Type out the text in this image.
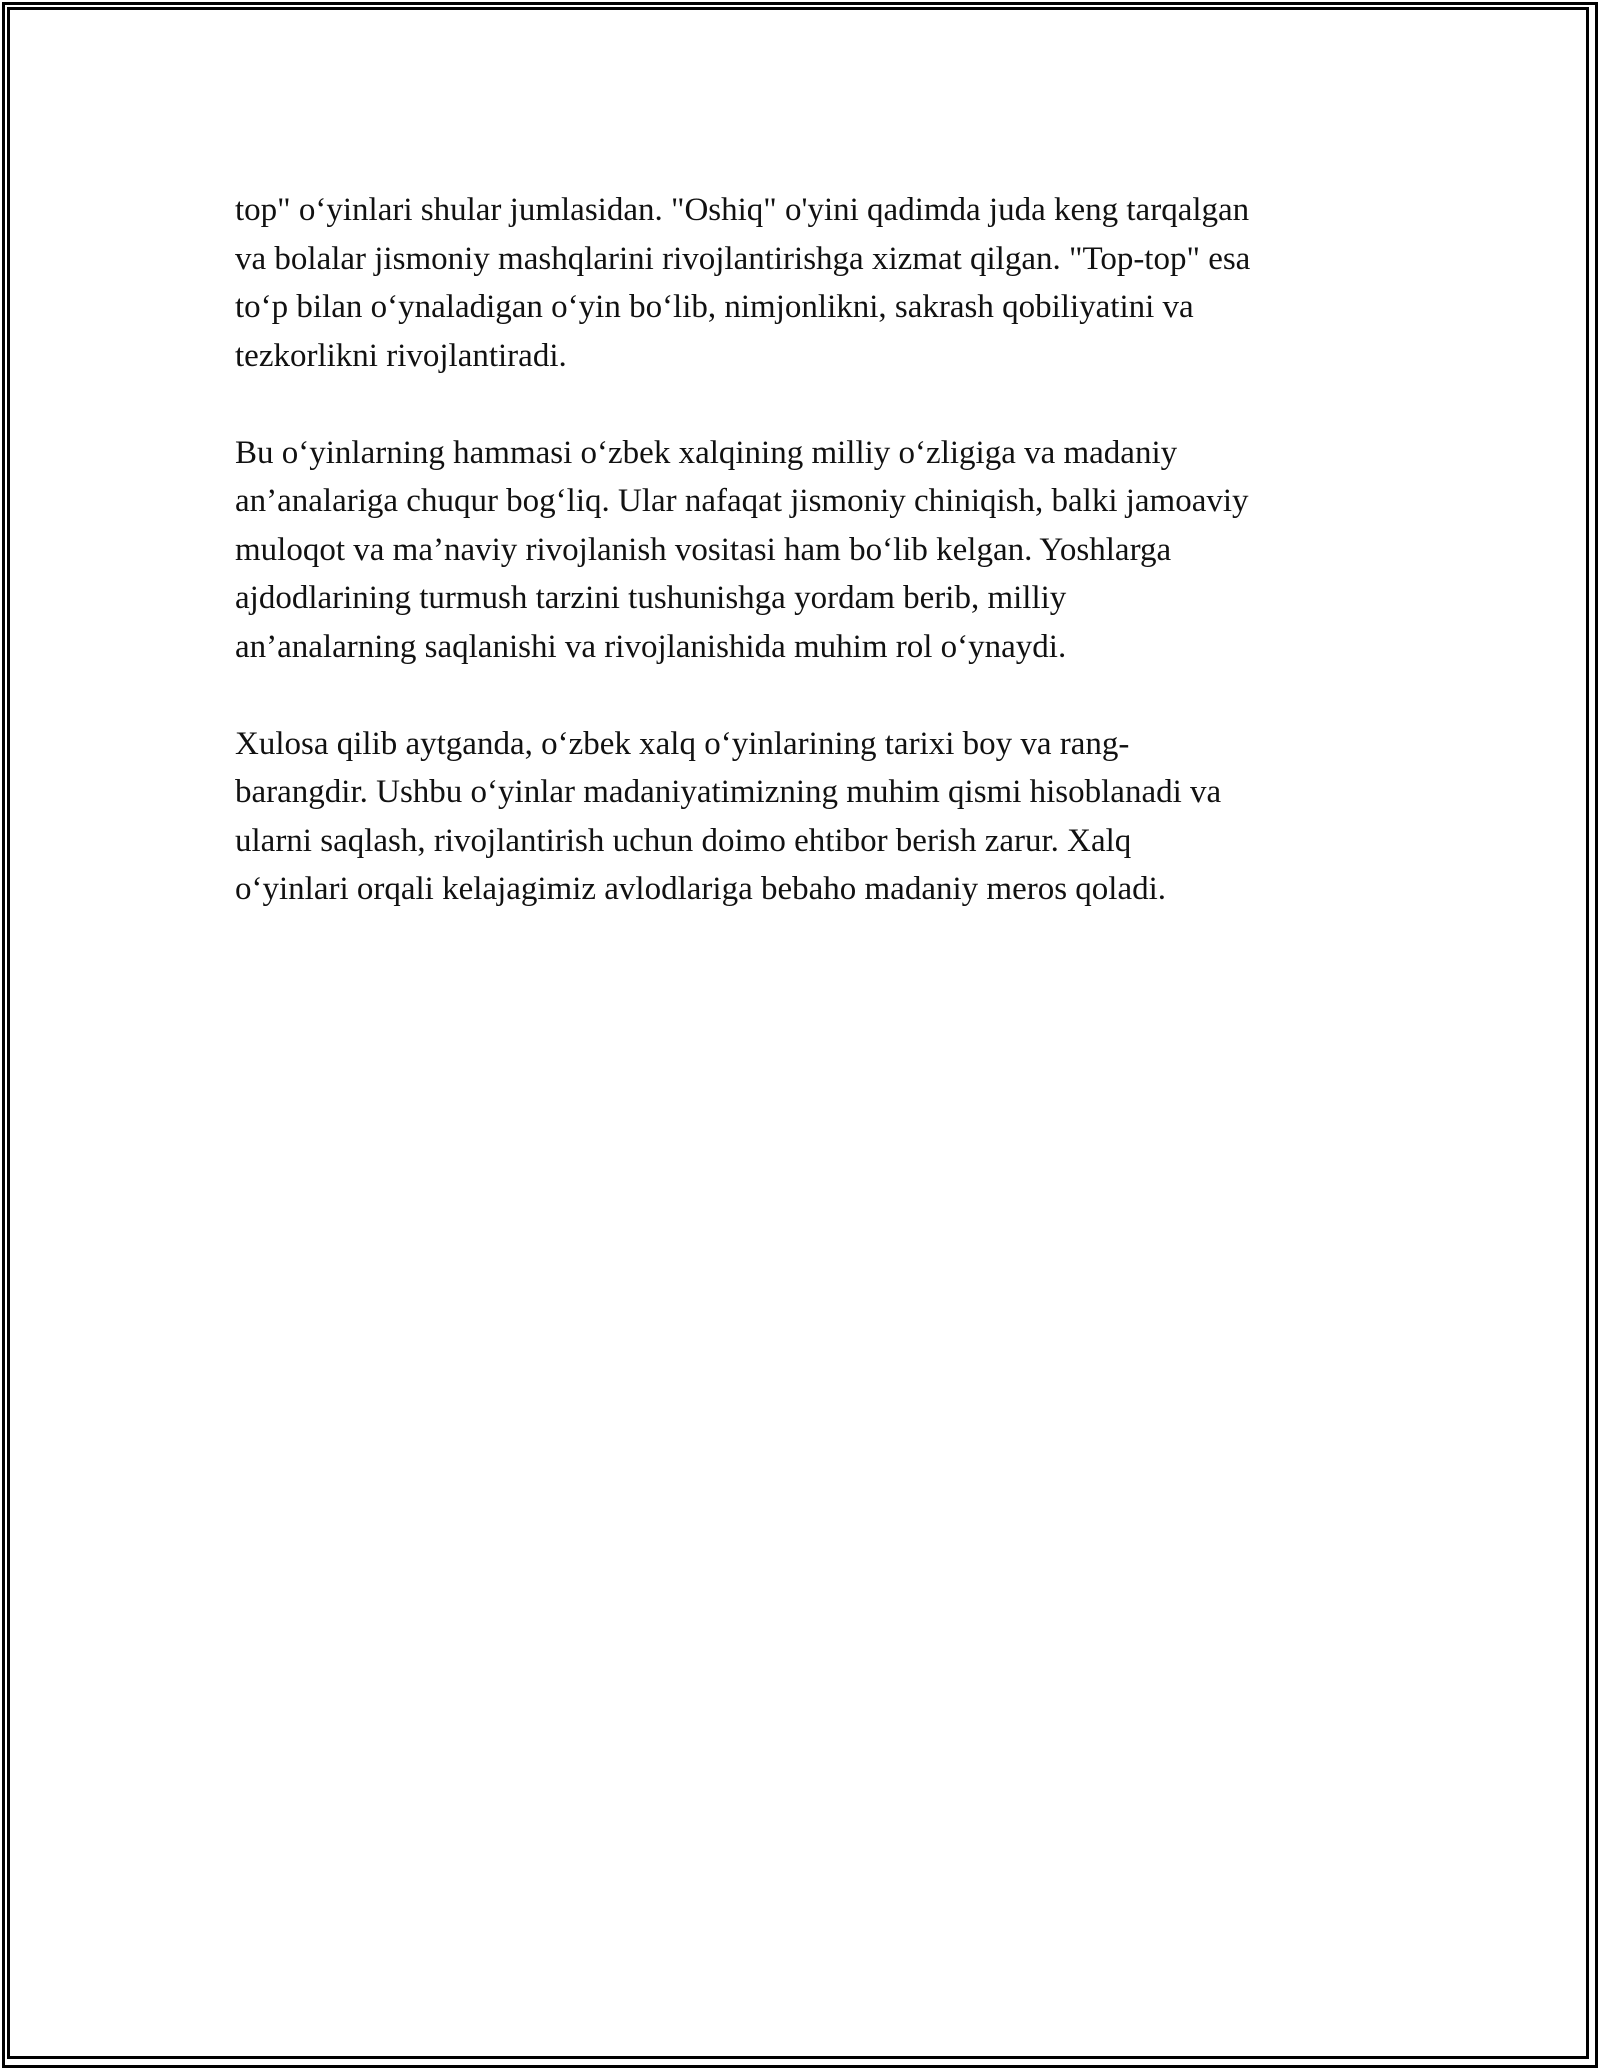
top" o‘yinlari shular jumlasidan. "Oshiq" o'yini qadimda juda keng tarqalgan
va bolalar jismoniy mashqlarini rivojlantirishga xizmat qilgan. "Top-top" esa
to‘p bilan o‘ynaladigan o‘yin bo‘lib, nimjonlikni, sakrash qobiliyatini va
tezkorlikni rivojlantiradi.

Bu o‘yinlarning hammasi o‘zbek xalqining milliy o‘zligiga va madaniy
an’analariga chuqur bog‘liq. Ular nafaqat jismoniy chiniqish, balki jamoaviy
muloqot va ma’naviy rivojlanish vositasi ham bo‘lib kelgan. Yoshlarga
ajdodlarining turmush tarzini tushunishga yordam berib, milliy
an’analarning saqlanishi va rivojlanishida muhim rol o‘ynaydi.

Xulosa qilib aytganda, o‘zbek xalq o‘yinlarining tarixi boy va rang-
barangdir. Ushbu o‘yinlar madaniyatimizning muhim qismi hisoblanadi va
ularni saqlash, rivojlantirish uchun doimo ehtibor berish zarur. Xalq
o‘yinlari orqali kelajagimiz avlodlariga bebaho madaniy meros qoladi.
